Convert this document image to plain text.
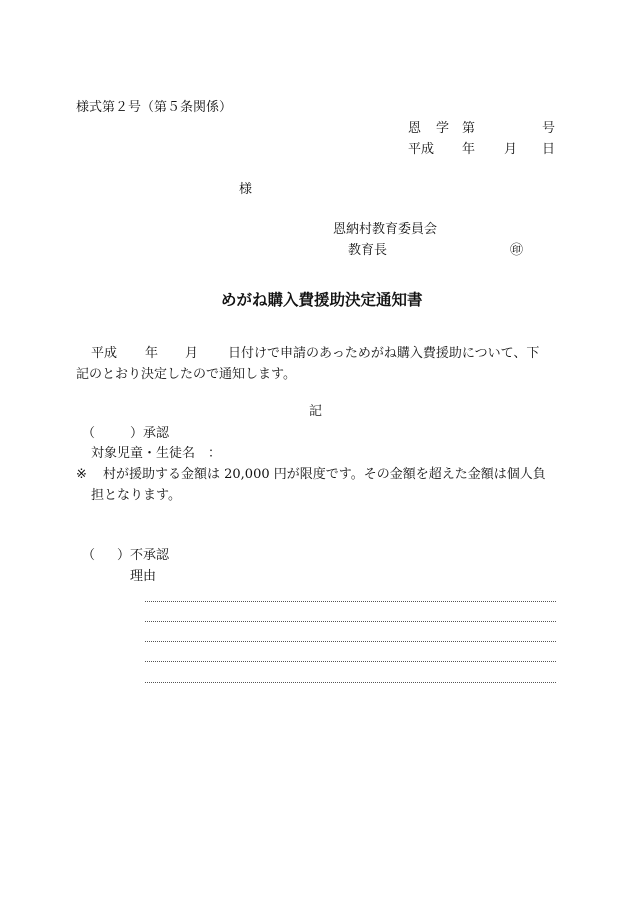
様式第２号（第５条関係）
恩 学 第	号
平成 年 月 日
様
恩納村教育委員会
教育長	㊞
めがね購入費援助決定通知書
平成 年 月 日付けで申請のあっためがね購入費援助について、下
記のとおり決定したので通知します。
記
（	）承認
対象児童・生徒名　：
※ 村が援助する金額は 20,000 円が限度です。その金額を超えた金額は個人負
担となります。
（ ）不承認
理由
